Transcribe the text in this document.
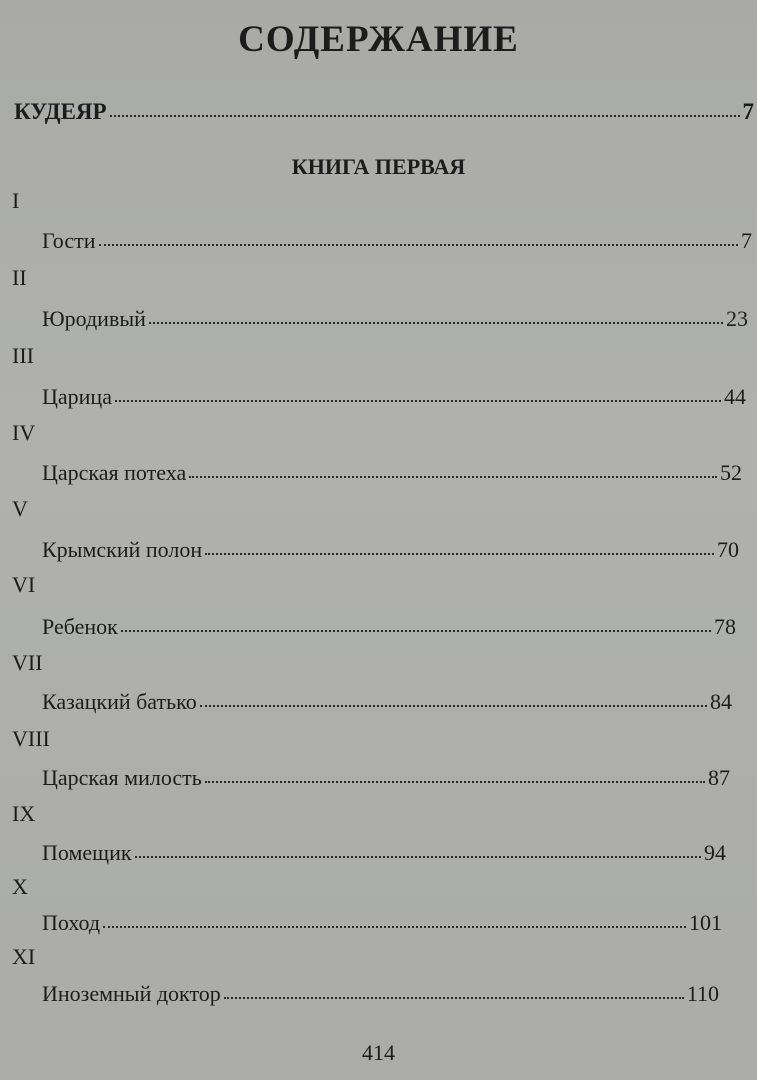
СОДЕРЖАНИЕ
КУДЕЯР	7
КНИГА ПЕРВАЯ
I
Гости	7
II
Юродивый	23
III
Царица	44
IV
Царская потеха	52
V
Крымский полон	70
VI
Ребенок	78
VII
Казацкий батько	84
VIII
Царская милость	87
IX
Помещик	94
X
Поход	101
XI
Иноземный доктор	110
414
